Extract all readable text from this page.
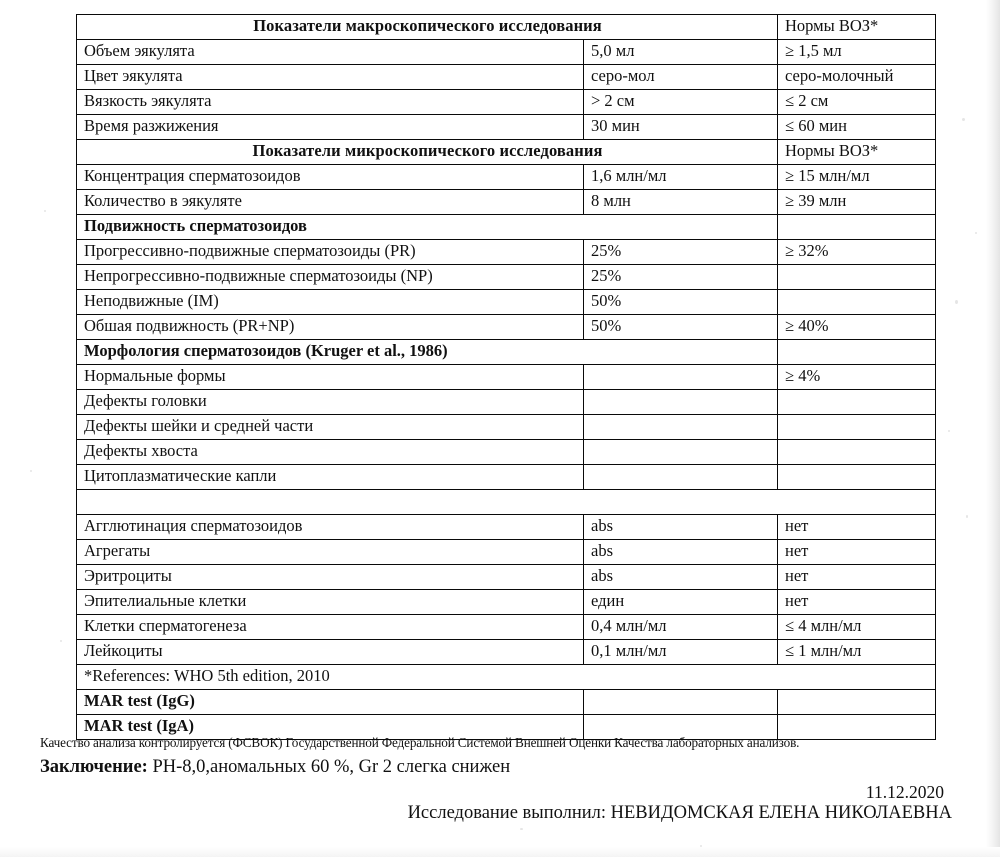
Показатели макроскопического исследования		Нормы ВОЗ*
Объем эякулята	5,0 мл	≥ 1,5 мл
Цвет эякулята	серо-мол	серо-молочный
Вязкость эякулята	> 2 см	≤ 2 см
Время разжижения	30 мин	≤ 60 мин
Показатели микроскопического исследования		Нормы ВОЗ*
Концентрация сперматозоидов	1,6 млн/мл	≥ 15 млн/мл
Количество в эякуляте	8 млн	≥ 39 млн
Подвижность сперматозоидов		
Прогрессивно-подвижные сперматозоиды (PR)	25%	≥ 32%
Непрогрессивно-подвижные сперматозоиды (NP)	25%	
Неподвижные (IM)	50%	
Обшая подвижность (PR+NP)	50%	≥ 40%
Морфология сперматозоидов (Kruger et al., 1986)		
Нормальные формы		≥ 4%
Дефекты головки		
Дефекты шейки и средней части		
Дефекты хвоста		
Цитоплазматические капли		

Агглютинация сперматозоидов	abs	нет
Агрегаты	abs	нет
Эритроциты	abs	нет
Эпителиальные клетки	един	нет
Клетки сперматогенеза	0,4 млн/мл	≤ 4 млн/мл
Лейкоциты	0,1 млн/мл	≤ 1 млн/мл
*References: WHO 5th edition, 2010		
MAR test (IgG)		
MAR test (IgA)		
Качество анализа контролируется (ФСВОК) Государственной Федеральной Системой Внешней Оценки Качества лабораторных анализов.
Заключение: PH-8,0,аномальных 60 %, Gr 2 слегка снижен
11.12.2020
Исследование выполнил: НЕВИДОМСКАЯ ЕЛЕНА НИКОЛАЕВНА
